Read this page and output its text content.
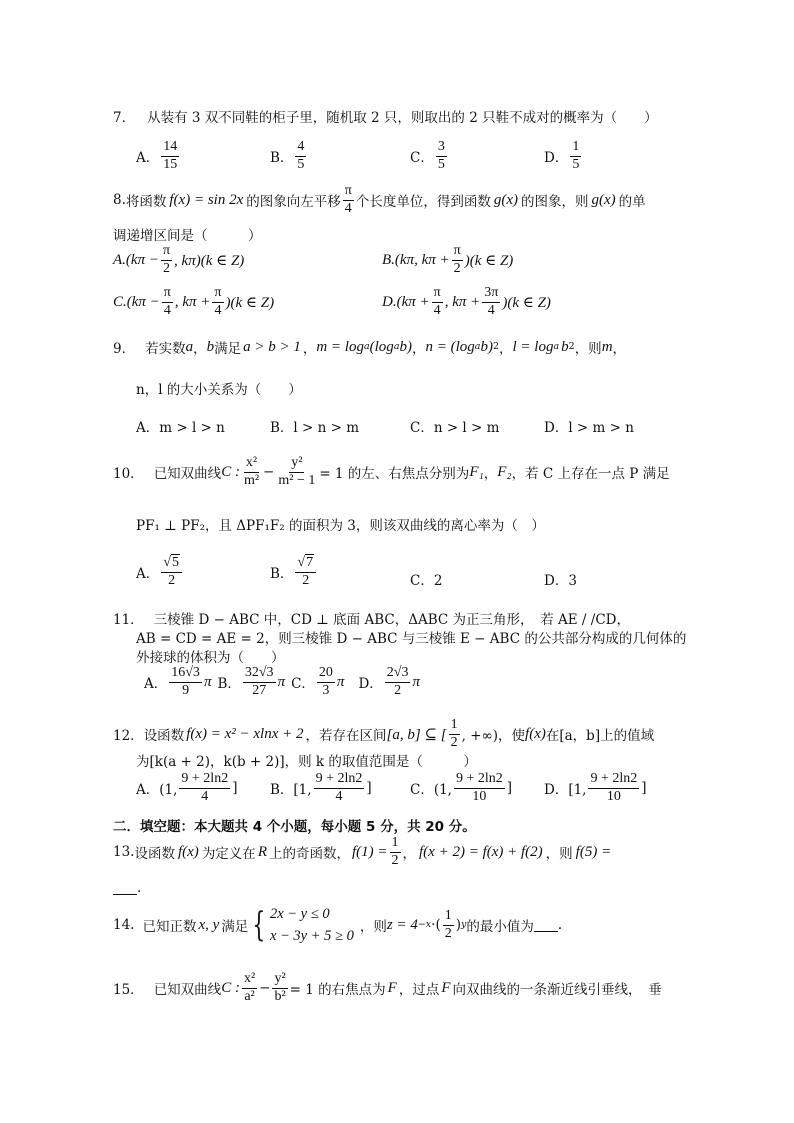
7． 从装有 3 双不同鞋的柜子里，随机取 2 只，则取出的 2 只鞋不成对的概率为（　　）
A． $\frac{14}{15}$	B． $\frac{4}{5}$	C． $\frac{3}{5}$	D． $\frac{1}{5}$
8. 将函数 f(x) = sin 2x 的图象向左平移 $\frac{\pi}{4}$ 个长度单位，得到函数 g(x) 的图象，则 g(x) 的单
调递增区间是（　　　）
$A.(k\pi - \frac{\pi}{2}$ , kπ)(k ∈ Z)	B.(kπ, $k\pi + \frac{\pi}{2} )(k$ ∈ Z)
$C.(k\pi - \frac{\pi}{4}$ , $k\pi + \frac{\pi}{4} )(k$ ∈ Z)	$D.(k\pi + \frac{\pi}{4}$ , $k\pi + \frac{3\pi}{4} )(k$ ∈ Z)
9． 若实数 a ， b 满足 a > b > 1 ， m = log a (log a b) ， n = (log a b) 2 ， l = log a b 2 ，则 m ，
n，l 的大小关系为（　　）
A．m > l > n	B．l > n > m	C．n > l > m	D．l > m > n
10． 已知双曲线 C : $\frac{\text{x²}}{\text{m²}} - \frac{\text{y²}}{\text{m² − 1}} = 1$ 的左、右焦点分别为 F₁ ， F₂ ，若 C 上存在一点 P 满足
PF₁ ⊥ PF₂，且 ΔPF₁F₂ 的面积为 3，则该双曲线的离心率为（　）
A． $\frac{√5}{2}$	B． $\frac{√7}{2}$	C．2	D．3
11． 三棱锥 D − ABC 中，CD ⊥ 底面 ABC，ΔABC 为正三角形，　若 AE / /CD，
AB = CD = AE = 2，则三棱锥 D − ABC 与三棱锥 E − ABC 的公共部分构成的几何体的
外接球的体积为（　　）
A． $\frac{16√3}{9}$ π B． $\frac{32√3}{27}$ π C． $\frac{20}{3}$ π D． $\frac{2√3}{2}$ π
12． 设函数 f(x) = x² − xlnx + 2 ，若存在区间 [a, b] ⊆ [ $\frac{1}{2}$ , +∞)，使 f(x) 在[a，b]上的值域
为[k(a + 2)，k(b + 2)]，则 k 的取值范围是（　　　）
A．(1, $\frac{9 + 2\ln 2}{4}$ ] B．[1, $\frac{9 + 2\ln 2}{4}$ ]	C．(1, $\frac{9 + 2\ln 2}{10}$ ] D．[1, $\frac{9 + 2\ln 2}{10}$ ]
二．填空题：本大题共 4 个小题，每小题 5 分，共 20 分。
13. 设函数 f(x) 为定义在 R 上的奇函数， $f(1) = \frac{1}{2}$ ， f(x + 2) = f(x) + f(2) ，则 f(5) =
.
14. 已知正数 x, y 满足 { 2x − y ≤ 0
x − 3y + 5 ≥ 0
，则 z = 4 −x ·( $\frac{1}{2}$ ) y 的最小值为 .
15． 已知双曲线 C : $\frac{\text{x²}}{\text{a²}} - \frac{\text{y²}}{\text{b²}} = 1$ 的右焦点为 F ，过点 F 向双曲线的一条渐近线引垂线，　垂
